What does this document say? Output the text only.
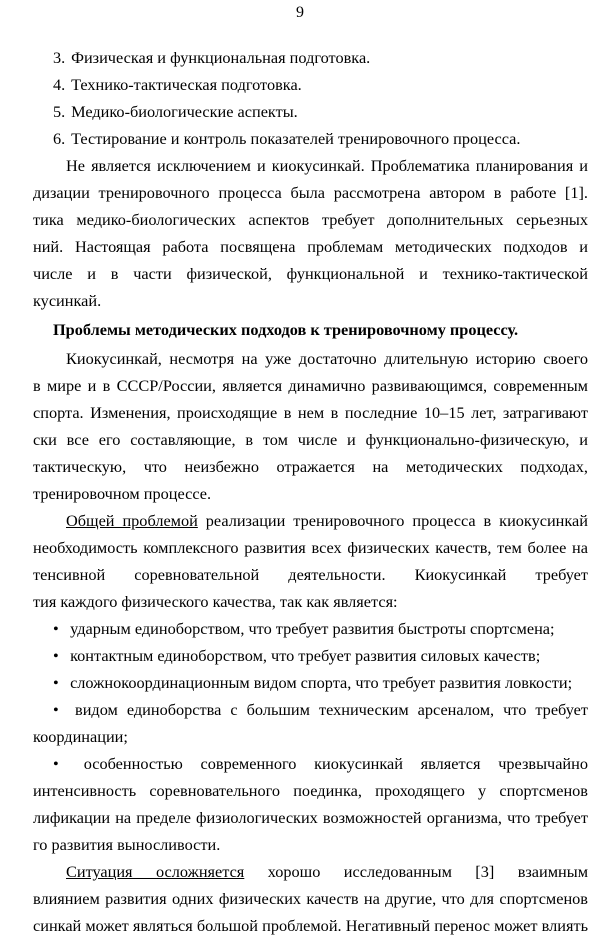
9
3. Физическая и функциональная подготовка.
4. Технико-тактическая подготовка.
5. Медико-биологические аспекты.
6. Тестирование и контроль показателей тренировочного процесса.
Не является исключением и киокусинкай. Проблематика планирования и
дизации тренировочного процесса была рассмотрена автором в работе [1].
тика медико-биологических аспектов требует дополнительных серьезных
ний. Настоящая работа посвящена проблемам методических подходов и
числе и в части физической, функциональной и технико-тактической
кусинкай.
Проблемы методических подходов к тренировочному процессу.
Киокусинкай, несмотря на уже достаточно длительную историю своего
в мире и в СССР/России, является динамично развивающимся, современным
спорта. Изменения, происходящие в нем в последние 10–15 лет, затрагивают
ски все его составляющие, в том числе и функционально-физическую, и
тактическую, что неизбежно отражается на методических подходах,
тренировочном процессе.
Общей проблемой реализации тренировочного процесса в киокусинкай
необходимость комплексного развития всех физических качеств, тем более на
тенсивной соревновательной деятельности. Киокусинкай требует
тия каждого физического качества, так как является:
• ударным единоборством, что требует развития быстроты спортсмена;
• контактным единоборством, что требует развития силовых качеств;
• сложнокоординационным видом спорта, что требует развития ловкости;
• видом единоборства с большим техническим арсеналом, что требует
координации;
• особенностью современного киокусинкай является чрезвычайно
интенсивность соревновательного поединка, проходящего у спортсменов
лификации на пределе физиологических возможностей организма, что требует
го развития выносливости.
Ситуация осложняется хорошо исследованным [3] взаимным
влиянием развития одних физических качеств на другие, что для спортсменов
синкай может являться большой проблемой. Негативный перенос может влиять
